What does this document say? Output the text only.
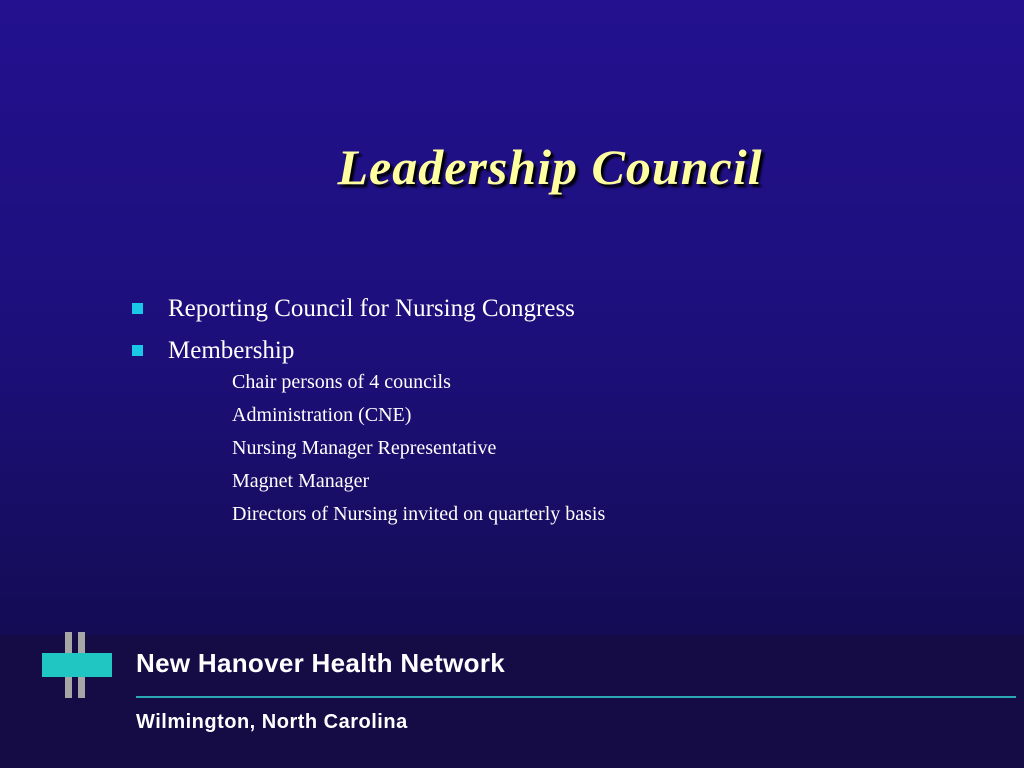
Leadership Council
Reporting Council for Nursing Congress
Membership
Chair persons of 4 councils
Administration (CNE)
Nursing Manager Representative
Magnet Manager
Directors of Nursing invited on quarterly basis
New Hanover Health Network
Wilmington, North Carolina
